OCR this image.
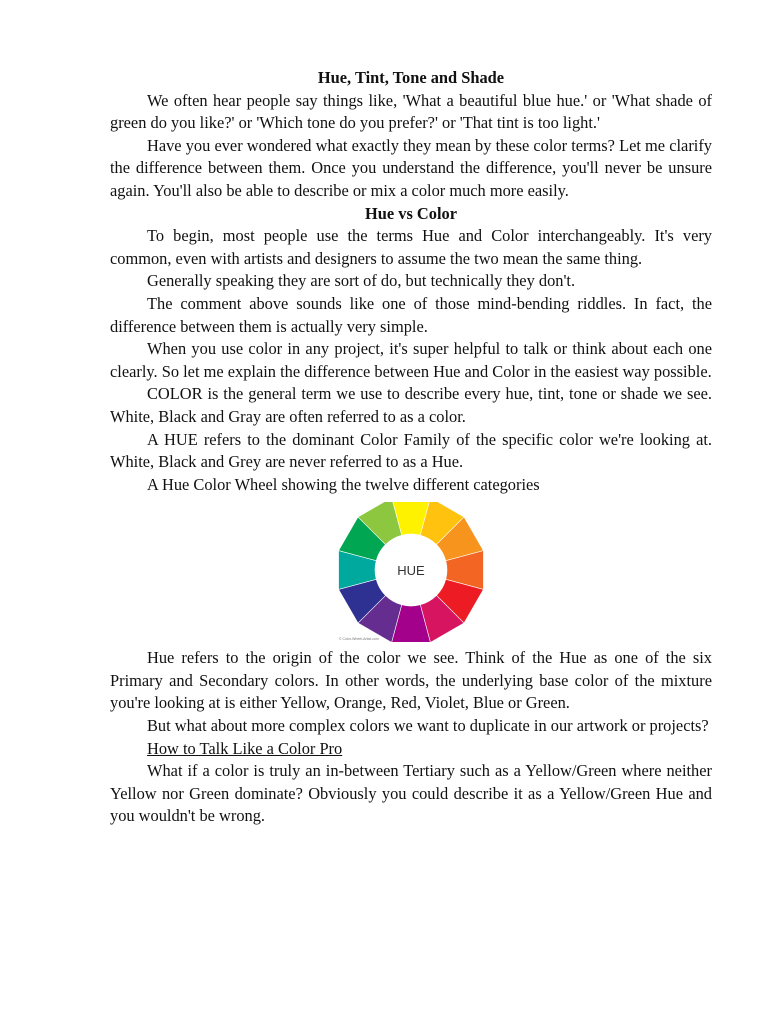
Hue, Tint, Tone and Shade

We often hear people say things like, 'What a beautiful blue hue.' or 'What shade of green do you like?' or 'Which tone do you prefer?' or 'That tint is too light.'

Have you ever wondered what exactly they mean by these color terms? Let me clarify the difference between them. Once you understand the difference, you'll never be unsure again. You'll also be able to describe or mix a color much more easily.

Hue vs Color

To begin, most people use the terms Hue and Color interchangeably. It's very common, even with artists and designers to assume the two mean the same thing.

Generally speaking they are sort of do, but technically they don't.

The comment above sounds like one of those mind-bending riddles. In fact, the difference between them is actually very simple.

When you use color in any project, it's super helpful to talk or think about each one clearly. So let me explain the difference between Hue and Color in the easiest way possible.

COLOR is the general term we use to describe every hue, tint, tone or shade we see. White, Black and Gray are often referred to as a color.

A HUE refers to the dominant Color Family of the specific color we're looking at. White, Black and Grey are never referred to as a Hue.

A Hue Color Wheel showing the twelve different categories

HUE
© Color-Wheel-Artist.com

Hue refers to the origin of the color we see. Think of the Hue as one of the six Primary and Secondary colors. In other words, the underlying base color of the mixture you're looking at is either Yellow, Orange, Red, Violet, Blue or Green.

But what about more complex colors we want to duplicate in our artwork or projects?

How to Talk Like a Color Pro

What if a color is truly an in-between Tertiary such as a Yellow/Green where neither Yellow nor Green dominate? Obviously you could describe it as a Yellow/Green Hue and you wouldn't be wrong.
